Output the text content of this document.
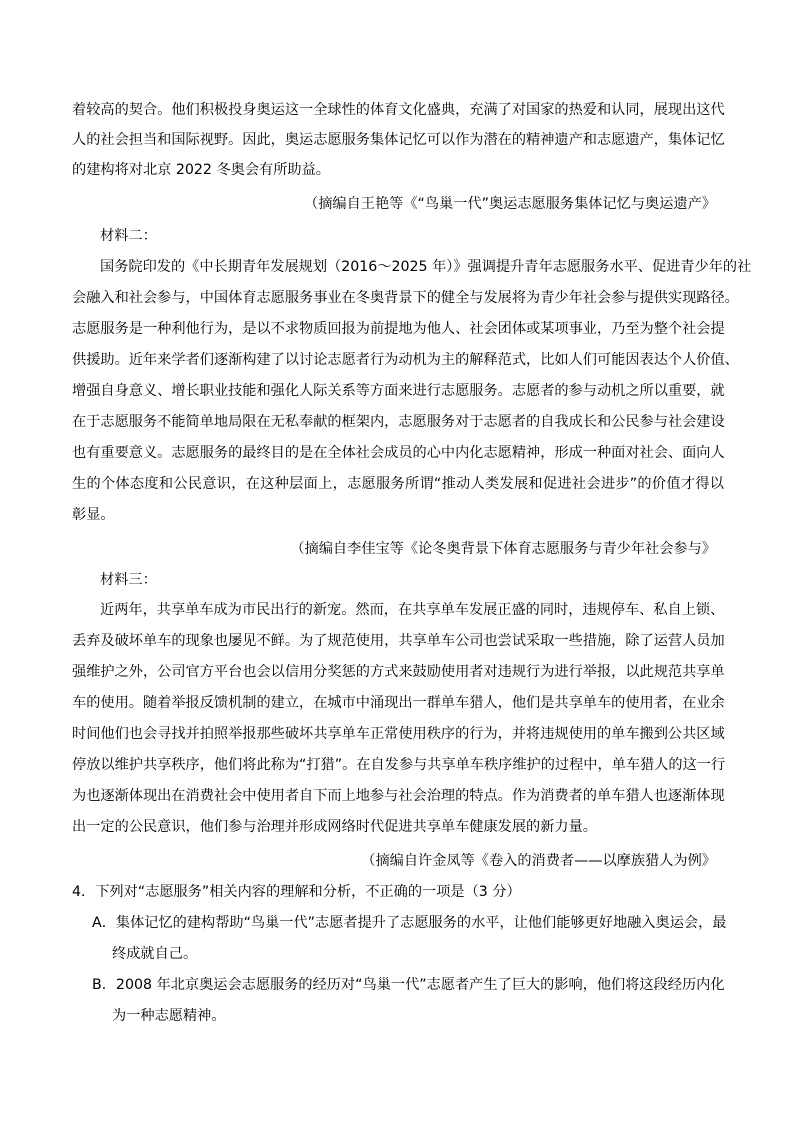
着较高的契合。他们积极投身奥运这一全球性的体育文化盛典，充满了对国家的热爱和认同，展现出这代
人的社会担当和国际视野。因此，奥运志愿服务集体记忆可以作为潜在的精神遗产和志愿遗产，集体记忆
的建构将对北京 2022 冬奥会有所助益。
（摘编自王艳等《“鸟巢一代”奥运志愿服务集体记忆与奥运遗产》
材料二：
国务院印发的《中长期青年发展规划（2016～2025 年）》强调提升青年志愿服务水平、促进青少年的社
会融入和社会参与，中国体育志愿服务事业在冬奥背景下的健全与发展将为青少年社会参与提供实现路径。
志愿服务是一种利他行为，是以不求物质回报为前提地为他人、社会团体或某项事业，乃至为整个社会提
供援助。近年来学者们逐渐构建了以讨论志愿者行为动机为主的解释范式，比如人们可能因表达个人价值、
增强自身意义、增长职业技能和强化人际关系等方面来进行志愿服务。志愿者的参与动机之所以重要，就
在于志愿服务不能简单地局限在无私奉献的框架内，志愿服务对于志愿者的自我成长和公民参与社会建设
也有重要意义。志愿服务的最终目的是在全体社会成员的心中内化志愿精神，形成一种面对社会、面向人
生的个体态度和公民意识，在这种层面上，志愿服务所谓“推动人类发展和促进社会进步”的价值才得以
彰显。
（摘编自李佳宝等《论冬奥背景下体育志愿服务与青少年社会参与》
材料三：
近两年，共享单车成为市民出行的新宠。然而，在共享单车发展正盛的同时，违规停车、私自上锁、
丢弃及破坏单车的现象也屡见不鲜。为了规范使用，共享单车公司也尝试采取一些措施，除了运营人员加
强维护之外，公司官方平台也会以信用分奖惩的方式来鼓励使用者对违规行为进行举报，以此规范共享单
车的使用。随着举报反馈机制的建立，在城市中涌现出一群单车猎人，他们是共享单车的使用者，在业余
时间他们也会寻找并拍照举报那些破坏共享单车正常使用秩序的行为，并将违规使用的单车搬到公共区域
停放以维护共享秩序，他们将此称为“打猎”。在自发参与共享单车秩序维护的过程中，单车猎人的这一行
为也逐渐体现出在消费社会中使用者自下而上地参与社会治理的特点。作为消费者的单车猎人也逐渐体现
出一定的公民意识，他们参与治理并形成网络时代促进共享单车健康发展的新力量。
（摘编自许金凤等《卷入的消费者——以摩族猎人为例》
4．下列对“志愿服务”相关内容的理解和分析，不正确的一项是（3 分）
A．集体记忆的建构帮助“鸟巢一代”志愿者提升了志愿服务的水平，让他们能够更好地融入奥运会，最
终成就自己。
B．2008 年北京奥运会志愿服务的经历对“鸟巢一代”志愿者产生了巨大的影响，他们将这段经历内化
为一种志愿精神。
